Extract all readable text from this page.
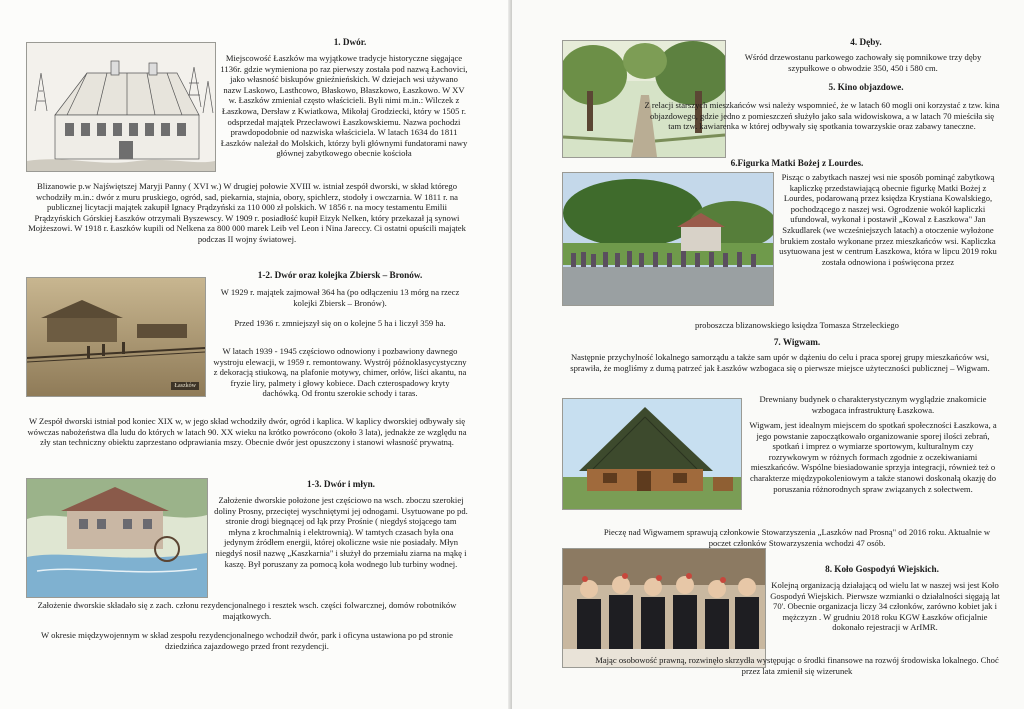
1. Dwór.

Miejscowość Łaszków ma wyjątkowe tradycje historyczne sięgające 1136r. gdzie wymieniona po raz pierwszy została pod nazwą Łachovici, jako własność biskupów gnieźnieńskich. W dziejach wsi używano nazw Laskowo, Lasthcowo, Błaskowo, Błaszkowo, Łaszkowo. W XV w. Łaszków zmieniał często właścicieli. Byli nimi m.in.: Wilczek z Łaszkowa, Dersław z Kwiatkowa, Mikołaj Grodziecki, który w 1505 r. odsprzedał majątek Przecławowi Łaszkowskiemu. Nazwa pochodzi prawdopodobnie od nazwiska właściciela. W latach 1634 do 1811 Łaszków należał do Molskich, którzy byli głównymi fundatorami nawy głównej zabytkowego obecnie kościoła

Blizanowie p.w Najświętszej Maryji Panny ( XVI w.) W drugiej połowie XVIII w. istniał zespół dworski, w skład którego wchodziły m.in.: dwór z muru pruskiego, ogród, sad, piekarnia, stajnia, obory, spichlerz, stodoły i owczarnia. W 1811 r. na publicznej licytacji majątek zakupił Ignacy Prądzyński za 110 000 zł polskich. W 1856 r. na mocy testamentu Emilii Prądzyńskich Górskiej Łaszków otrzymali Byszewscy. W 1909 r. posiadłość kupił Eizyk Nelken, który przekazał ją synowi Mojżeszowi. W 1918 r. Łaszków kupili od Nelkena za 800 000 marek Leib vel Leon i Nina Jareccy. Ci ostatni opuścili majątek podczas II wojny światowej.

Łaszków

1-2. Dwór oraz kolejka Zbiersk – Bronów.

W 1929 r. majątek zajmował 364 ha (po odłączeniu 13 mórg na rzecz kolejki Zbiersk – Bronów).

Przed 1936 r. zmniejszył się on o kolejne 5 ha i liczył 359 ha.

W latach 1939 - 1945 częściowo odnowiony i pozbawiony dawnego wystroju elewacji, w 1959 r. remontowany. Wystrój późnoklasycystyczny z dekoracją stiukową, na plafonie motywy, chimer, orłów, liści akantu, na fryzie liry, palmety i głowy kobiece. Dach czterospadowy kryty dachówką. Od frontu szerokie schody i taras.

W Zespół dworski istniał pod koniec XIX w, w jego skład wchodziły dwór, ogród i kaplica. W kaplicy dworskiej odbywały się wówczas nabożeństwa dla ludu do których w latach 90. XX wieku na krótko powrócono (około 3 lata), jednakże ze względu na zły stan techniczny obiektu zaprzestano odprawiania mszy. Obecnie dwór jest opuszczony i stanowi własność prywatną.

1-3. Dwór i młyn.

Założenie dworskie położone jest częściowo na wsch. zboczu szerokiej doliny Prosny, przeciętej wyschniętymi jej odnogami. Usytuowane po pd. stronie drogi biegnącej od łąk przy Prośnie ( niegdyś stojącego tam młyna z krochmalnią i elektrownią). W tamtych czasach była ona jedynym źródłem energii, której okoliczne wsie nie posiadały. Młyn niegdyś nosił nazwę „Kaszkarnia" i służył do przemiału ziarna na mąkę i kaszę. Był poruszany za pomocą koła wodnego lub turbiny wodnej.

Założenie dworskie składało się z zach. członu rezydencjonalnego i resztek wsch. części folwarcznej, domów robotników majątkowych.

W okresie międzywojennym w skład zespołu rezydencjonalnego wchodził dwór, park i oficyna ustawiona po pd stronie dziedzińca zajazdowego przed front rezydencji.

4. Dęby.

Wśród drzewostanu parkowego zachowały się pomnikowe trzy dęby szypułkowe o obwodzie 350, 450 i 580 cm.

5. Kino objazdowe.

Z relacji starszych mieszkańców wsi należy wspomnieć, że w latach 60 mogli oni korzystać z tzw. kina objazdowego, gdzie jedno z pomieszczeń służyło jako sala widowiskowa, a w latach 70 mieściła się tam tzw. kawiarenka w której odbywały się spotkania towarzyskie oraz zabawy taneczne.

6.Figurka Matki Bożej z Lourdes.

Pisząc o zabytkach naszej wsi nie sposób pominąć zabytkową kapliczkę przedstawiającą obecnie figurkę Matki Bożej z Lourdes, podarowaną przez księdza Krystiana Kowalskiego, pochodzącego z naszej wsi. Ogrodzenie wokół kapliczki ufundował, wykonał i postawił „Kowal z Łaszkowa" Jan Szkudlarek (we wcześniejszych latach) a otoczenie wyłożone brukiem zostało wykonane przez mieszkańców wsi. Kapliczka usytuowana jest w centrum Łaszkowa, która w lipcu 2019 roku została odnowiona i poświęcona przez

proboszcza blizanowskiego księdza Tomasza Strzeleckiego

7. Wigwam.

Następnie przychylność lokalnego samorządu a także sam upór w dążeniu do celu i praca sporej grupy mieszkańców wsi, sprawiła, że mogliśmy z dumą patrzeć jak Łaszków wzbogaca się o pierwsze miejsce użyteczności publicznej – Wigwam.

Drewniany budynek o charakterystycznym wyglądzie znakomicie wzbogaca infrastrukturę Łaszkowa.

Wigwam, jest idealnym miejscem do spotkań społeczności Łaszkowa, a jego powstanie zapoczątkowało organizowanie sporej ilości zebrań, spotkań i imprez o wymiarze sportowym, kulturalnym czy rozrywkowym w różnych formach zgodnie z oczekiwaniami mieszkańców. Wspólne biesiadowanie sprzyja integracji, również też o charakterze międzypokoleniowym a także stanowi doskonałą okazję do poruszania różnorodnych spraw związanych z sołectwem.

Pieczę nad Wigwamem sprawują członkowie Stowarzyszenia „Laszków nad Prosną" od 2016 roku. Aktualnie w poczet członków Stowarzyszenia wchodzi 47 osób.

8. Koło Gospodyń Wiejskich.

Kolejną organizacją działającą od wielu lat w naszej wsi jest Koło Gospodyń Wiejskich. Pierwsze wzmianki o działalności sięgają lat 70'. Obecnie organizacja liczy 34 członków, zarówno kobiet jak i mężczyzn . W grudniu 2018 roku KGW Łaszków oficjalnie dokonało rejestracji w ArIMR.

Mając osobowość prawną, rozwinęło skrzydła występując o środki finansowe na rozwój środowiska lokalnego. Choć przez lata zmienił się wizerunek
